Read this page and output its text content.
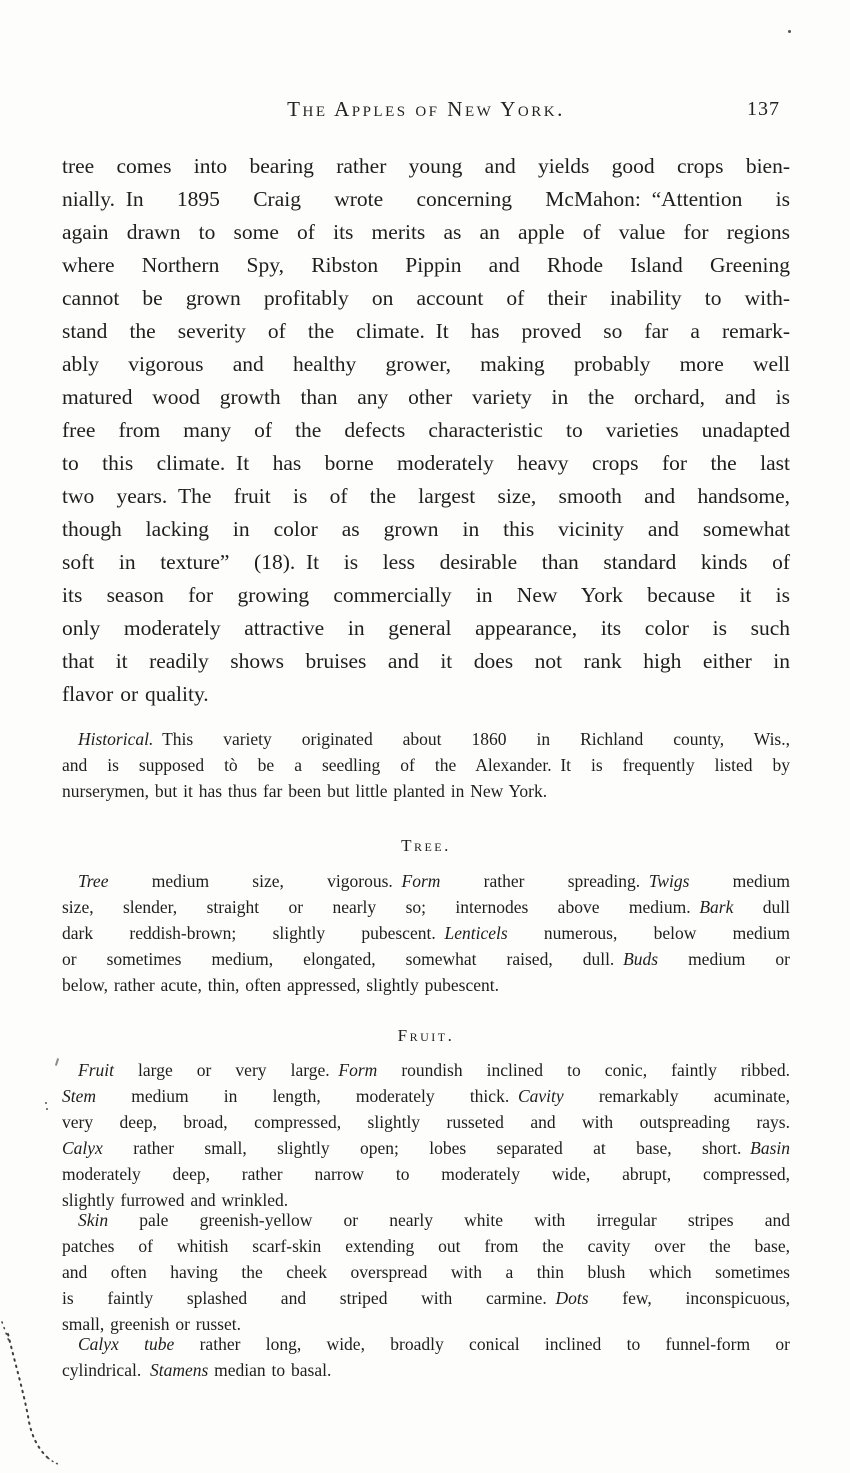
The Apples of New York.	137
tree comes into bearing rather young and yields good crops bien-
nially. In 1895 Craig wrote concerning McMahon: “Attention is
again drawn to some of its merits as an apple of value for regions
where Northern Spy, Ribston Pippin and Rhode Island Greening
cannot be grown profitably on account of their inability to with-
stand the severity of the climate. It has proved so far a remark-
ably vigorous and healthy grower, making probably more well
matured wood growth than any other variety in the orchard, and is
free from many of the defects characteristic to varieties unadapted
to this climate. It has borne moderately heavy crops for the last
two years. The fruit is of the largest size, smooth and handsome,
though lacking in color as grown in this vicinity and somewhat
soft in texture” (18). It is less desirable than standard kinds of
its season for growing commercially in New York because it is
only moderately attractive in general appearance, its color is such
that it readily shows bruises and it does not rank high either in
flavor or quality.
Historical. This variety originated about 1860 in Richland county, Wis.,
and is supposed tò be a seedling of the Alexander. It is frequently listed by
nurserymen, but it has thus far been but little planted in New York.
Tree.
Tree medium size, vigorous. Form rather spreading. Twigs medium
size, slender, straight or nearly so; internodes above medium. Bark dull
dark reddish-brown; slightly pubescent. Lenticels numerous, below medium
or sometimes medium, elongated, somewhat raised, dull. Buds medium or
below, rather acute, thin, often appressed, slightly pubescent.
Fruit.
Fruit large or very large. Form roundish inclined to conic, faintly ribbed.
Stem medium in length, moderately thick. Cavity remarkably acuminate,
very deep, broad, compressed, slightly russeted and with outspreading rays.
Calyx rather small, slightly open; lobes separated at base, short. Basin
moderately deep, rather narrow to moderately wide, abrupt, compressed,
slightly furrowed and wrinkled.
Skin pale greenish-yellow or nearly white with irregular stripes and
patches of whitish scarf-skin extending out from the cavity over the base,
and often having the cheek overspread with a thin blush which sometimes
is faintly splashed and striped with carmine. Dots few, inconspicuous,
small, greenish or russet.
Calyx tube rather long, wide, broadly conical inclined to funnel-form or
cylindrical. Stamens median to basal.
